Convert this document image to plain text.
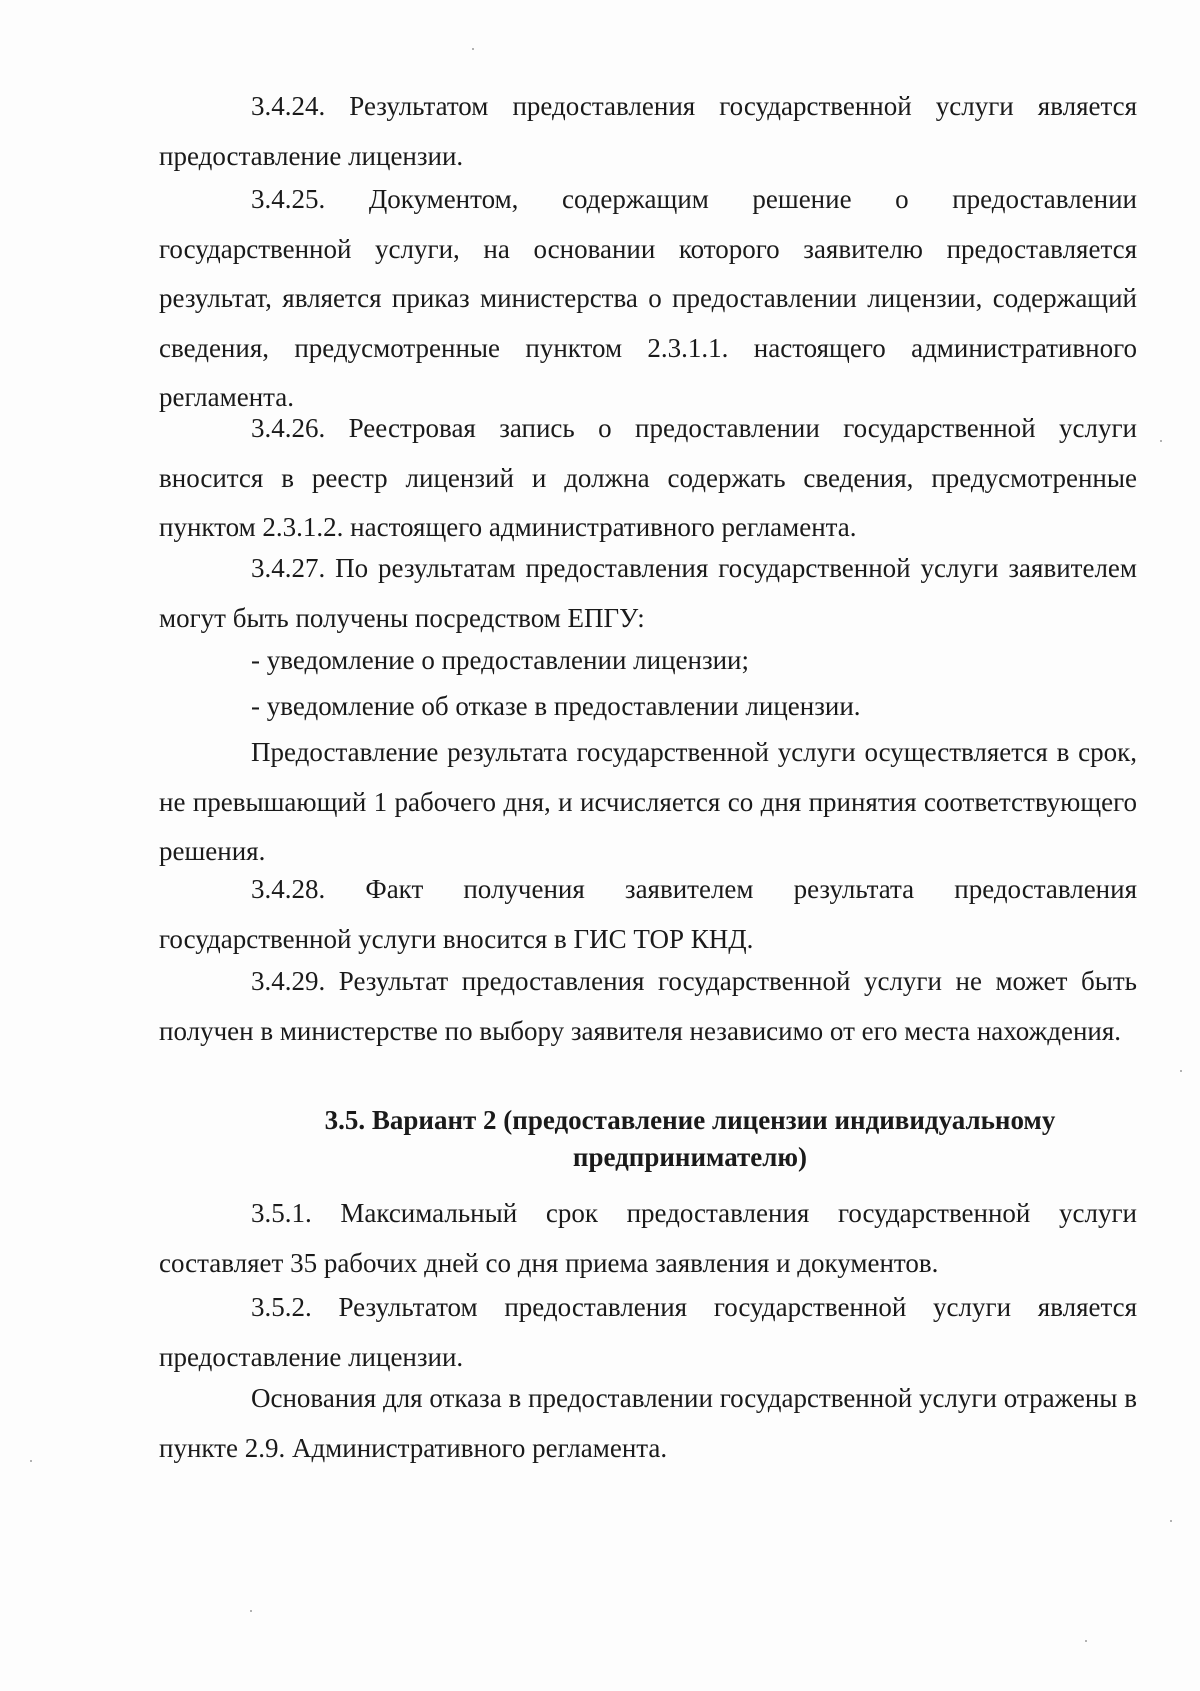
3.4.24. Результатом предоставления государственной услуги является предоставление лицензии.

3.4.25. Документом, содержащим решение о предоставлении государственной услуги, на основании которого заявителю предоставляется результат, является приказ министерства о предоставлении лицензии, содержащий сведения, предусмотренные пунктом 2.3.1.1. настоящего административного регламента.

3.4.26. Реестровая запись о предоставлении государственной услуги вносится в реестр лицензий и должна содержать сведения, предусмотренные пунктом 2.3.1.2. настоящего административного регламента.

3.4.27. По результатам предоставления государственной услуги заявителем могут быть получены посредством ЕПГУ:

- уведомление о предоставлении лицензии;

- уведомление об отказе в предоставлении лицензии.

Предоставление результата государственной услуги осуществляется в срок, не превышающий 1 рабочего дня, и исчисляется со дня принятия соответствующего решения.

3.4.28. Факт получения заявителем результата предоставления государственной услуги вносится в ГИС ТОР КНД.

3.4.29. Результат предоставления государственной услуги не может быть получен в министерстве по выбору заявителя независимо от его места нахождения.

3.5. Вариант 2 (предоставление лицензии индивидуальному

предпринимателю)

3.5.1. Максимальный срок предоставления государственной услуги составляет 35 рабочих дней со дня приема заявления и документов.

3.5.2. Результатом предоставления государственной услуги является предоставление лицензии.

Основания для отказа в предоставлении государственной услуги отражены в пункте 2.9. Административного регламента.
